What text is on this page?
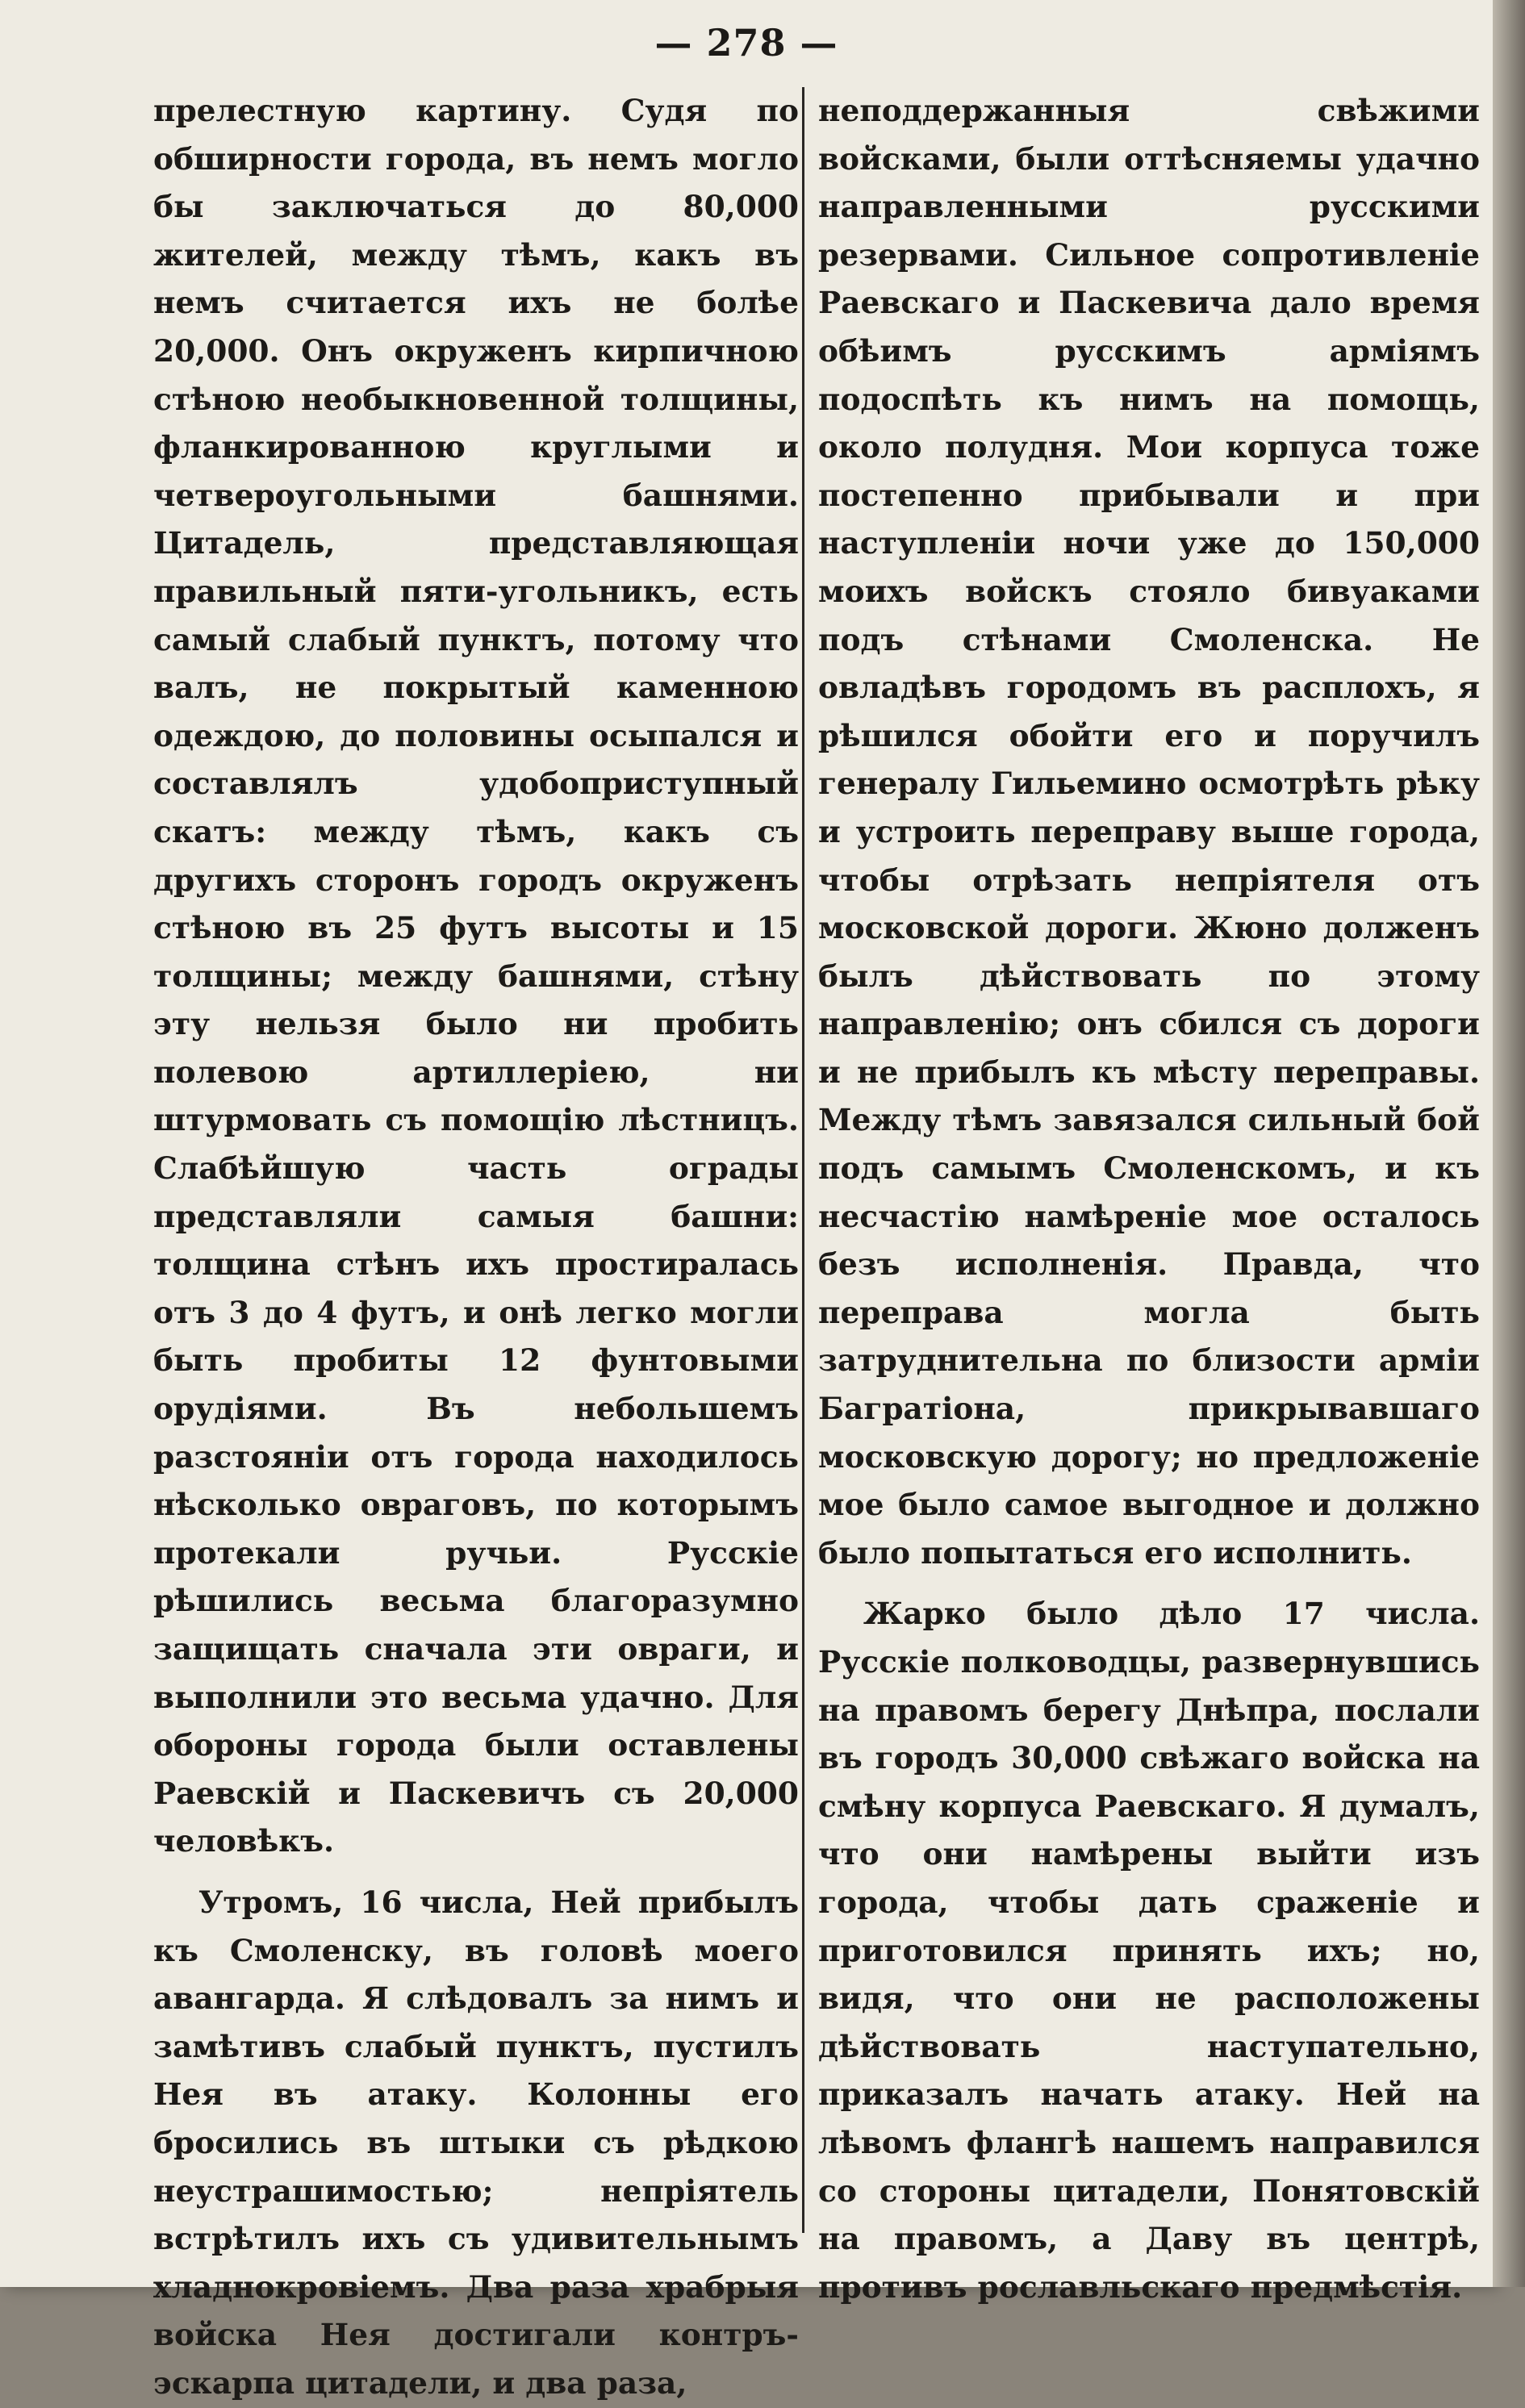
— 278 —

прелестную картину. Судя по обширности города, въ немъ могло бы заключаться до 80,000 жителей, между тѣмъ, какъ въ немъ считается ихъ не болѣе 20,000. Онъ окруженъ кирпичною стѣною необыкновенной толщины, фланкированною круглыми и четвероугольными башнями. Цитадель, представляющая правильный пяти-угольникъ, есть самый слабый пунктъ, потому что валъ, не покрытый каменною одеждою, до половины осыпался и составлялъ удобоприступный скатъ: между тѣмъ, какъ съ другихъ сторонъ городъ окруженъ стѣною въ 25 футъ высоты и 15 толщины; между башнями, стѣну эту нельзя было ни пробить полевою артиллеріею, ни штурмовать съ помощію лѣстницъ. Слабѣйшую часть ограды представляли самыя башни: толщина стѣнъ ихъ простиралась отъ 3 до 4 футъ, и онѣ легко могли быть пробиты 12 фунтовыми орудіями. Въ небольшемъ разстояніи отъ города находилось нѣсколько овраговъ, по которымъ протекали ручьи. Русскіе рѣшились весьма благоразумно защищать сначала эти овраги, и выполнили это весьма удачно. Для обороны города были оставлены Раевскій и Паскевичъ съ 20,000 человѣкъ.

Утромъ, 16 числа, Ней прибылъ къ Смоленску, въ головѣ моего авангарда. Я слѣдовалъ за нимъ и замѣтивъ слабый пунктъ, пустилъ Нея въ атаку. Колонны его бросились въ штыки съ рѣдкою неустрашимостью; непріятель встрѣтилъ ихъ съ удивительнымъ хладнокровіемъ. Два раза храбрыя войска Нея достигали контръ-эскарпа цитадели, и два раза,

неподдержанныя свѣжими войсками, были оттѣсняемы удачно направленными русскими резервами. Сильное сопротивленіе Раевскаго и Паскевича дало время обѣимъ русскимъ арміямъ подоспѣть къ нимъ на помощь, около полудня. Мои корпуса тоже постепенно прибывали и при наступленіи ночи уже до 150,000 моихъ войскъ стояло бивуаками подъ стѣнами Смоленска. Не овладѣвъ городомъ въ расплохъ, я рѣшился обойти его и поручилъ генералу Гильемино осмотрѣть рѣку и устроить переправу выше города, чтобы отрѣзать непріятеля отъ московской дороги. Жюно долженъ былъ дѣйствовать по этому направленію; онъ сбился съ дороги и не прибылъ къ мѣсту переправы. Между тѣмъ завязался сильный бой подъ самымъ Смоленскомъ, и къ несчастію намѣреніе мое осталось безъ исполненія. Правда, что переправа могла быть затруднительна по близости арміи Багратіона, прикрывавшаго московскую дорогу; но предложеніе мое было самое выгодное и должно было попытаться его исполнить.

Жарко было дѣло 17 числа. Русскіе полководцы, развернувшись на правомъ берегу Днѣпра, послали въ городъ 30,000 свѣжаго войска на смѣну корпуса Раевскаго. Я думалъ, что они намѣрены выйти изъ города, чтобы дать сраженіе и приготовился принять ихъ; но, видя, что они не расположены дѣйствовать наступательно, приказалъ начать атаку. Ней на лѣвомъ флангѣ нашемъ направился со стороны цитадели, Понятовскій на правомъ, а Даву въ центрѣ, противъ рославльскаго предмѣстія.
